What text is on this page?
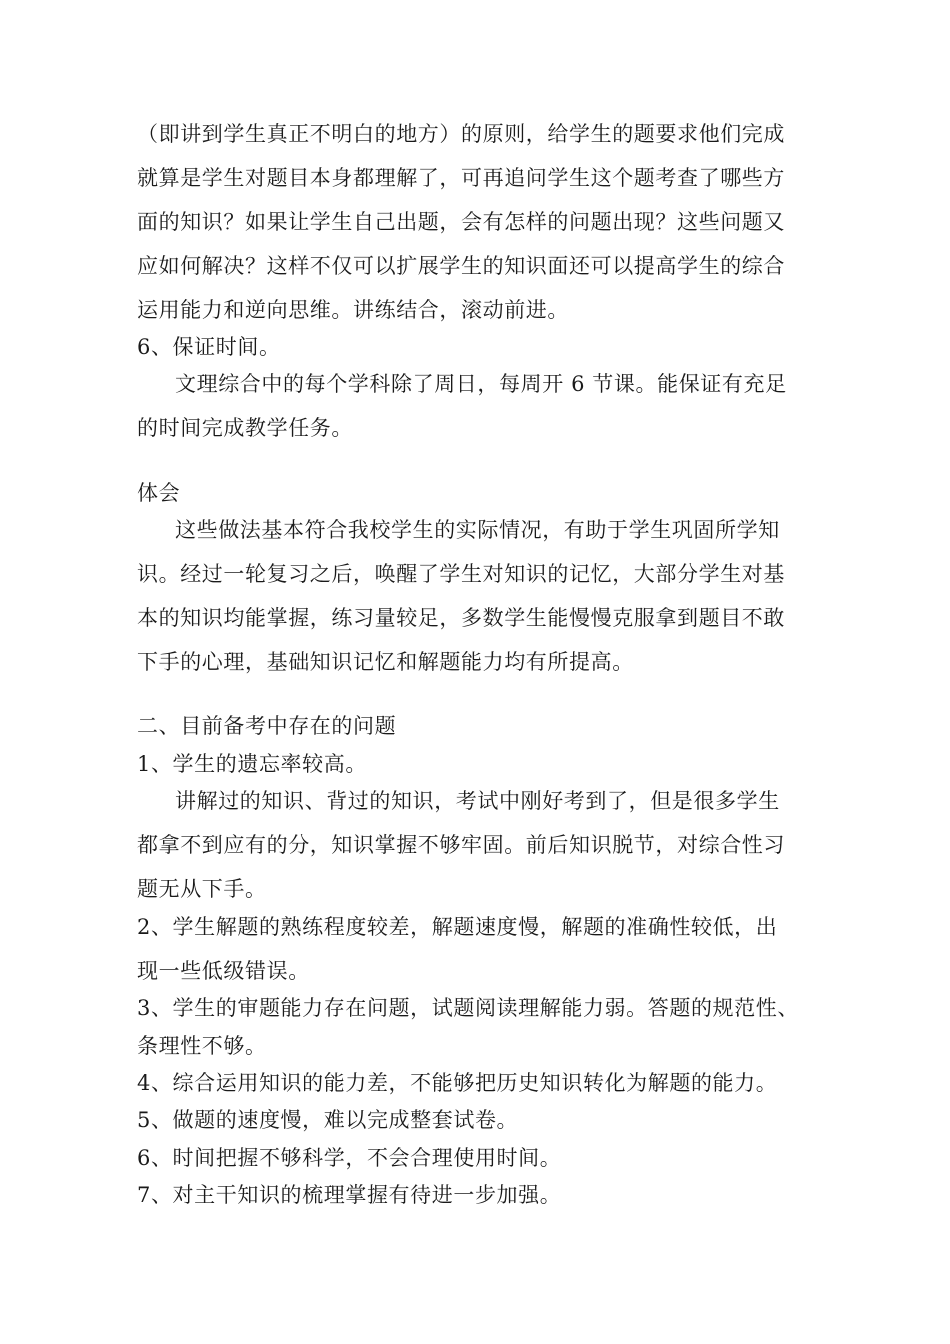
（即讲到学生真正不明白的地方）的原则，给学生的题要求他们完成
就算是学生对题目本身都理解了，可再追问学生这个题考查了哪些方
面的知识？如果让学生自己出题，会有怎样的问题出现？这些问题又
应如何解决？这样不仅可以扩展学生的知识面还可以提高学生的综合
运用能力和逆向思维。讲练结合，滚动前进。
6、保证时间。
文理综合中的每个学科除了周日，每周开 6 节课。能保证有充足
的时间完成教学任务。
体会
这些做法基本符合我校学生的实际情况，有助于学生巩固所学知
识。经过一轮复习之后，唤醒了学生对知识的记忆，大部分学生对基
本的知识均能掌握，练习量较足，多数学生能慢慢克服拿到题目不敢
下手的心理，基础知识记忆和解题能力均有所提高。
二、目前备考中存在的问题
1、学生的遗忘率较高。
讲解过的知识、背过的知识，考试中刚好考到了，但是很多学生
都拿不到应有的分，知识掌握不够牢固。前后知识脱节，对综合性习
题无从下手。
2、学生解题的熟练程度较差，解题速度慢，解题的准确性较低，出
现一些低级错误。
3、学生的审题能力存在问题，试题阅读理解能力弱。答题的规范性、
条理性不够。
4、综合运用知识的能力差，不能够把历史知识转化为解题的能力。
5、做题的速度慢，难以完成整套试卷。
6、时间把握不够科学，不会合理使用时间。
7、对主干知识的梳理掌握有待进一步加强。
